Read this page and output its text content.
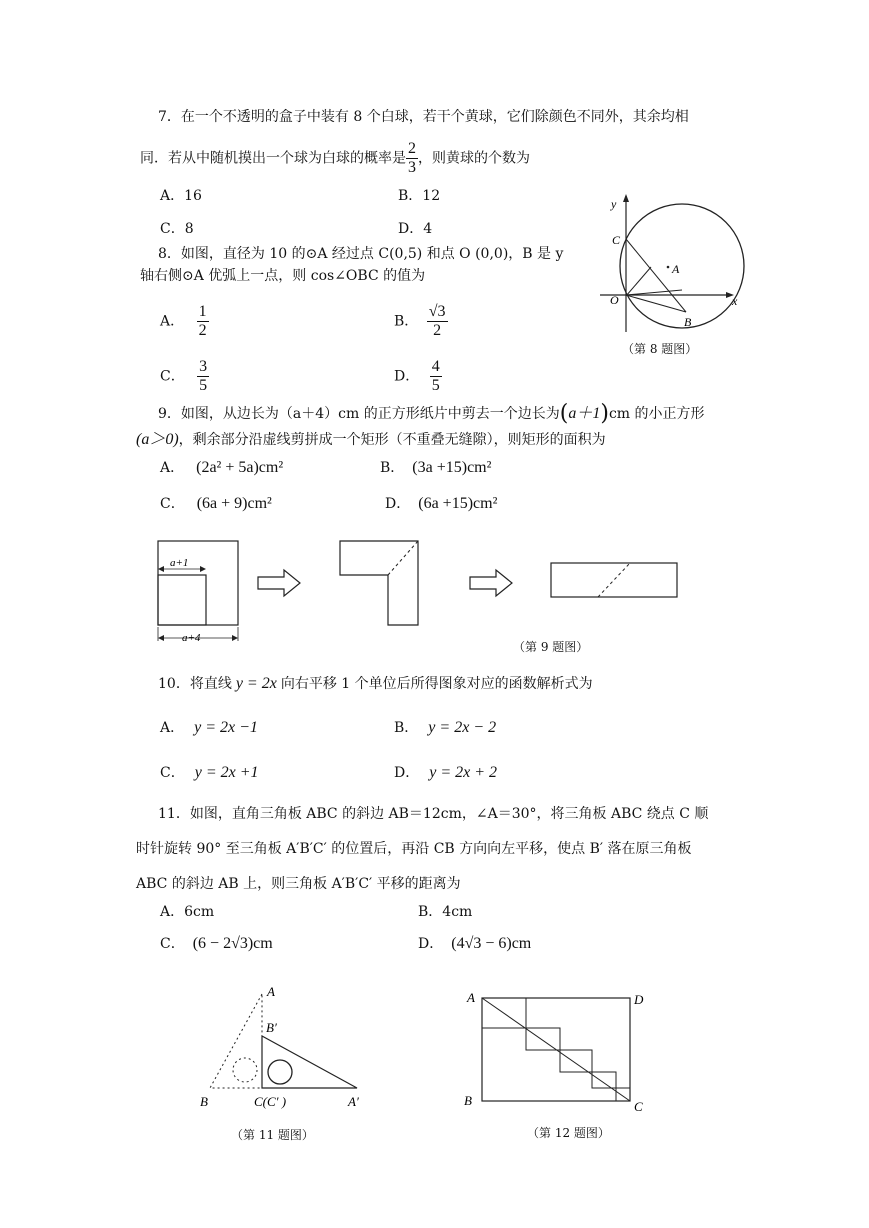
7．在一个不透明的盒子中装有 8 个白球，若干个黄球，它们除颜色不同外，其余均相
同．若从中随机摸出一个球为白球的概率是 $\frac{2}{3}$ ，则黄球的个数为
A．16	B．12
C．8	D．4
8．如图，直径为 10 的⊙A 经过点 C(0,5) 和点 O (0,0)，B 是 y
轴右侧⊙A 优弧上一点，则 cos∠OBC 的值为
A． $\frac{1}{2}$	B． $\frac{√3}{2}$
C． $\frac{3}{5}$	D． $\frac{4}{5}$
y
C
A
O
B
x
（第 8 题图）
9．如图，从边长为（a＋4）cm 的正方形纸片中剪去一个边长为(a＋1)cm 的小正方形
(a＞0)，剩余部分沿虚线剪拼成一个矩形（不重叠无缝隙），则矩形的面积为
A． (2a² + 5a)cm²	B． (3a +15)cm²
C． (6a + 9)cm²	D． (6a +15)cm²
a+1
a+4
（第 9 题图）
10．将直线 y = 2x 向右平移 1 个单位后所得图象对应的函数解析式为
A． y = 2x −1	B． y = 2x − 2
C． y = 2x +1	D． y = 2x + 2
11．如图，直角三角板 ABC 的斜边 AB＝12cm，∠A＝30°，将三角板 ABC 绕点 C 顺
时针旋转 90° 至三角板 A′B′C′ 的位置后，再沿 CB 方向向左平移，使点 B′ 落在原三角板
ABC 的斜边 AB 上，则三角板 A′B′C′ 平移的距离为
A．6cm	B．4cm
C． (6 − 2√3)cm	D． (4√3 − 6)cm
A
B′
B	C(C′ )	A′
（第 11 题图）
A	D
B	C
（第 12 题图）
